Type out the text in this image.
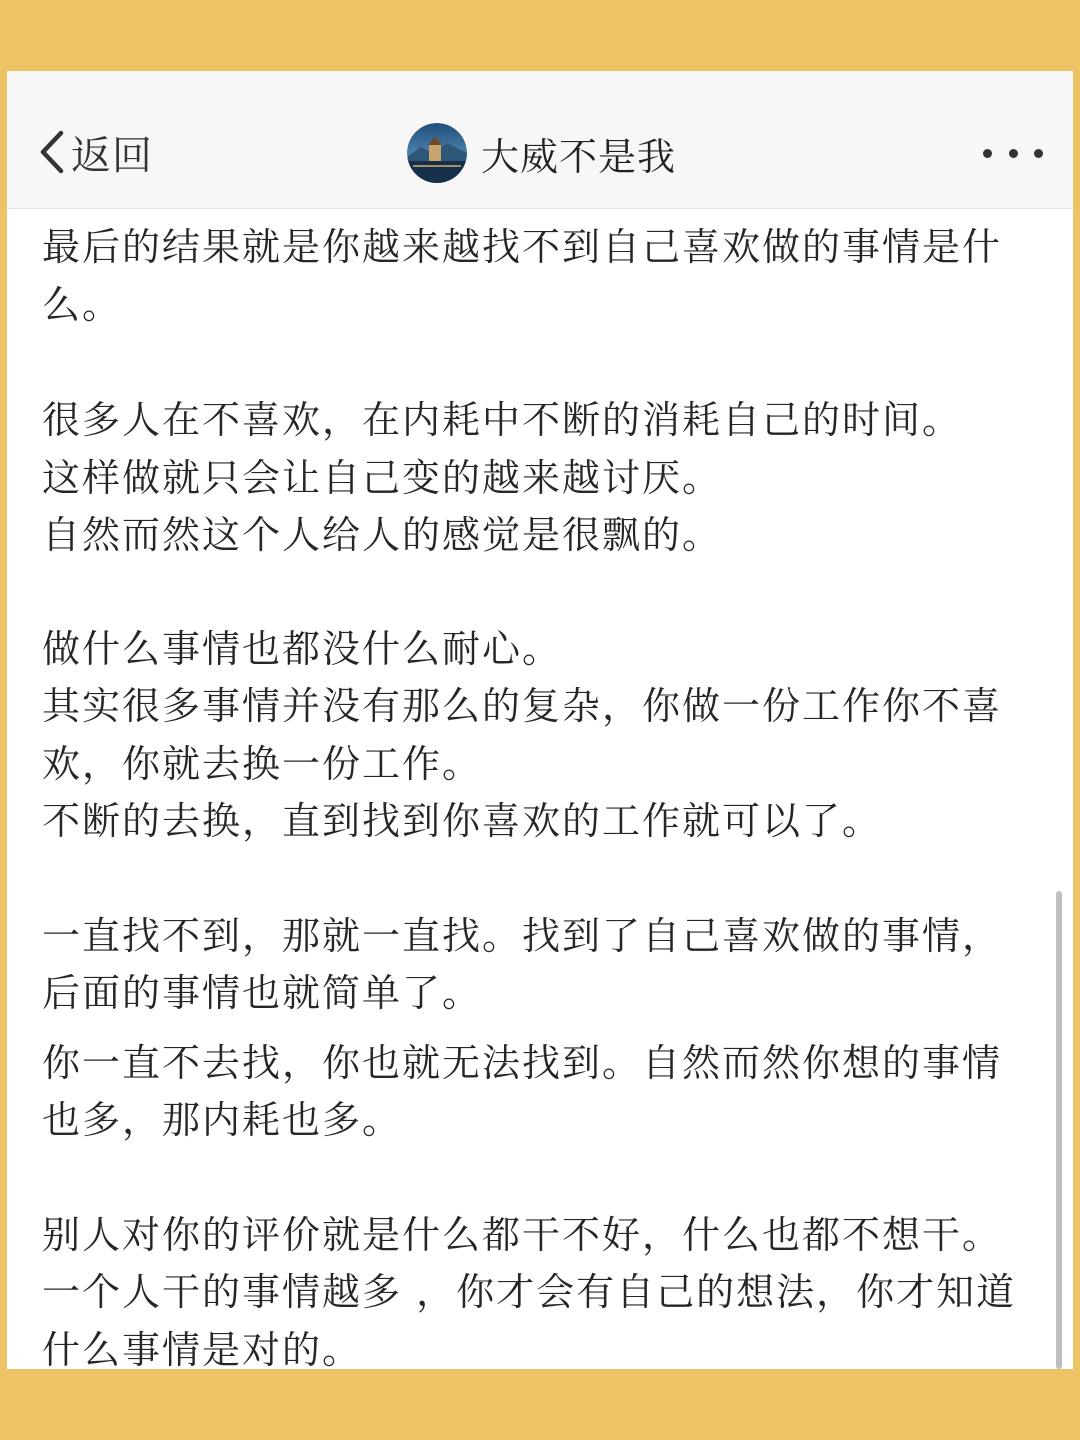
最后的结果就是你越来越找不到自己喜欢做的事情是什
么。
很多人在不喜欢，在内耗中不断的消耗自己的时间。
这样做就只会让自己变的越来越讨厌。
自然而然这个人给人的感觉是很飘的。
做什么事情也都没什么耐心。
其实很多事情并没有那么的复杂，你做一份工作你不喜
欢，你就去换一份工作。
不断的去换，直到找到你喜欢的工作就可以了。
一直找不到，那就一直找。找到了自己喜欢做的事情，
后面的事情也就简单了。
你一直不去找，你也就无法找到。自然而然你想的事情
也多，那内耗也多。
别人对你的评价就是什么都干不好，什么也都不想干。
一个人干的事情越多 ，你才会有自己的想法，你才知道
什么事情是对的。
返回	大威不是我
